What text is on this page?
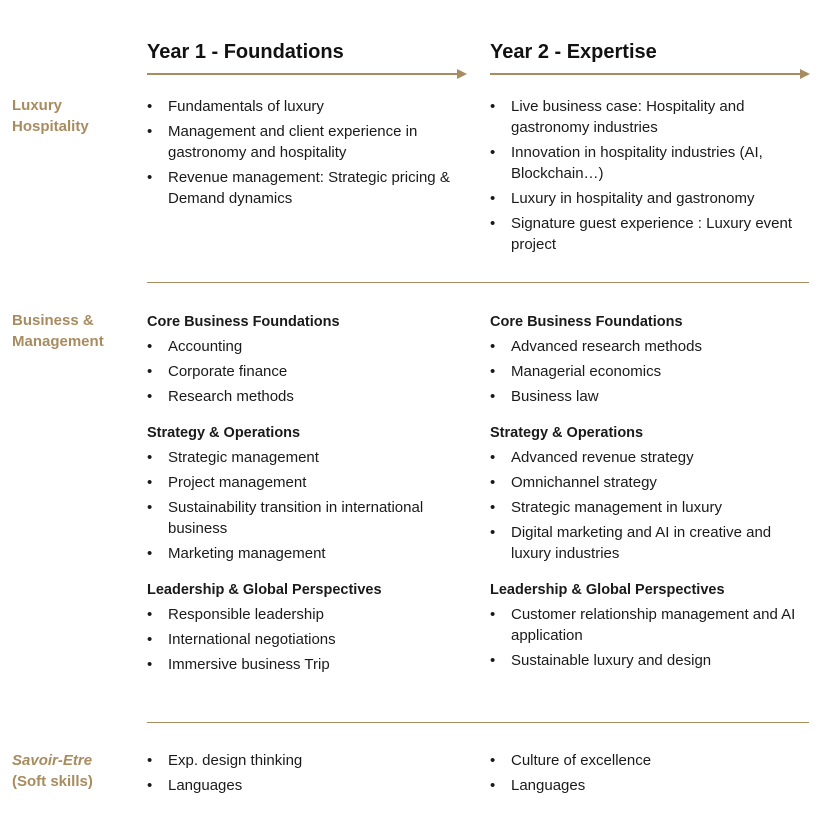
Year 1 - Foundations	Year 2 - Expertise
Luxury Hospitality
Business & Management
Savoir-Etre
(Soft skills)
• Fundamentals of luxury
• Management and client experience in gastronomy and hospitality
• Revenue management: Strategic pricing & Demand dynamics
• Live business case: Hospitality and gastronomy industries
• Innovation in hospitality industries (AI, Blockchain…)
• Luxury in hospitality and gastronomy
• Signature guest experience : Luxury event project
Core Business Foundations
• Accounting
• Corporate finance
• Research methods
Strategy & Operations
• Strategic management
• Project management
• Sustainability transition in international business
• Marketing management
Leadership & Global Perspectives
• Responsible leadership
• International negotiations
• Immersive business Trip
Core Business Foundations
• Advanced research methods
• Managerial economics
• Business law
Strategy & Operations
• Advanced revenue strategy
• Omnichannel strategy
• Strategic management in luxury
• Digital marketing and AI in creative and luxury industries
Leadership & Global Perspectives
• Customer relationship management and AI application
• Sustainable luxury and design
• Exp. design thinking
• Languages
• Culture of excellence
• Languages
